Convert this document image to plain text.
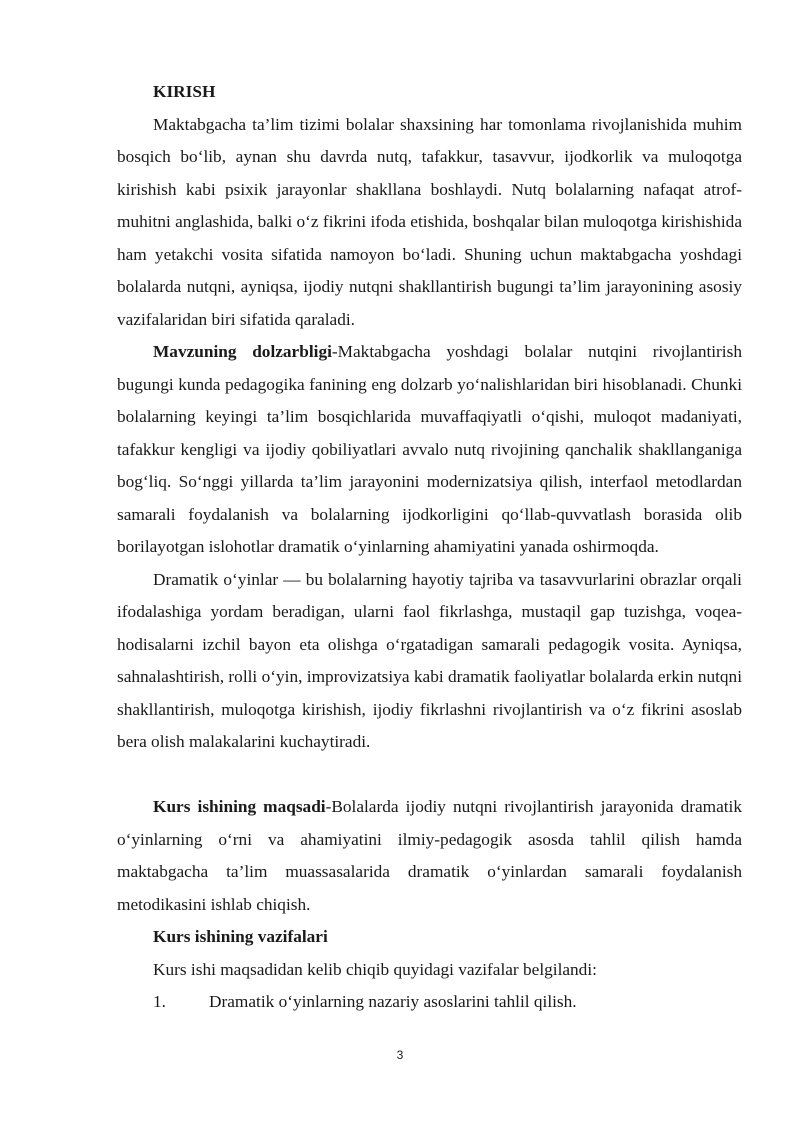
KIRISH

Maktabgacha ta’lim tizimi bolalar shaxsining har tomonlama rivojlanishida muhim bosqich bo‘lib, aynan shu davrda nutq, tafakkur, tasavvur, ijodkorlik va muloqotga kirishish kabi psixik jarayonlar shakllana boshlaydi. Nutq bolalarning nafaqat atrof-muhitni anglashida, balki o‘z fikrini ifoda etishida, boshqalar bilan muloqotga kirishishida ham yetakchi vosita sifatida namoyon bo‘ladi. Shuning uchun maktabgacha yoshdagi bolalarda nutqni, ayniqsa, ijodiy nutqni shakllantirish bugungi ta’lim jarayonining asosiy vazifalaridan biri sifatida qaraladi.

Mavzuning dolzarbligi-Maktabgacha yoshdagi bolalar nutqini rivojlantirish bugungi kunda pedagogika fanining eng dolzarb yo‘nalishlaridan biri hisoblanadi. Chunki bolalarning keyingi ta’lim bosqichlarida muvaffaqiyatli o‘qishi, muloqot madaniyati, tafakkur kengligi va ijodiy qobiliyatlari avvalo nutq rivojining qanchalik shakllanganiga bog‘liq. So‘nggi yillarda ta’lim jarayonini modernizatsiya qilish, interfaol metodlardan samarali foydalanish va bolalarning ijodkorligini qo‘llab-quvvatlash borasida olib borilayotgan islohotlar dramatik o‘yinlarning ahamiyatini yanada oshirmoqda.

Dramatik o‘yinlar — bu bolalarning hayotiy tajriba va tasavvurlarini obrazlar orqali ifodalashiga yordam beradigan, ularni faol fikrlashga, mustaqil gap tuzishga, voqea-hodisalarni izchil bayon eta olishga o‘rgatadigan samarali pedagogik vosita. Ayniqsa, sahnalashtirish, rolli o‘yin, improvizatsiya kabi dramatik faoliyatlar bolalarda erkin nutqni shakllantirish, muloqotga kirishish, ijodiy fikrlashni rivojlantirish va o‘z fikrini asoslab bera olish malakalarini kuchaytiradi.

Kurs ishining maqsadi-Bolalarda ijodiy nutqni rivojlantirish jarayonida dramatik o‘yinlarning o‘rni va ahamiyatini ilmiy-pedagogik asosda tahlil qilish hamda maktabgacha ta’lim muassasalarida dramatik o‘yinlardan samarali foydalanish metodikasini ishlab chiqish.

Kurs ishining vazifalari

Kurs ishi maqsadidan kelib chiqib quyidagi vazifalar belgilandi:

1.	Dramatik o‘yinlarning nazariy asoslarini tahlil qilish.

3
